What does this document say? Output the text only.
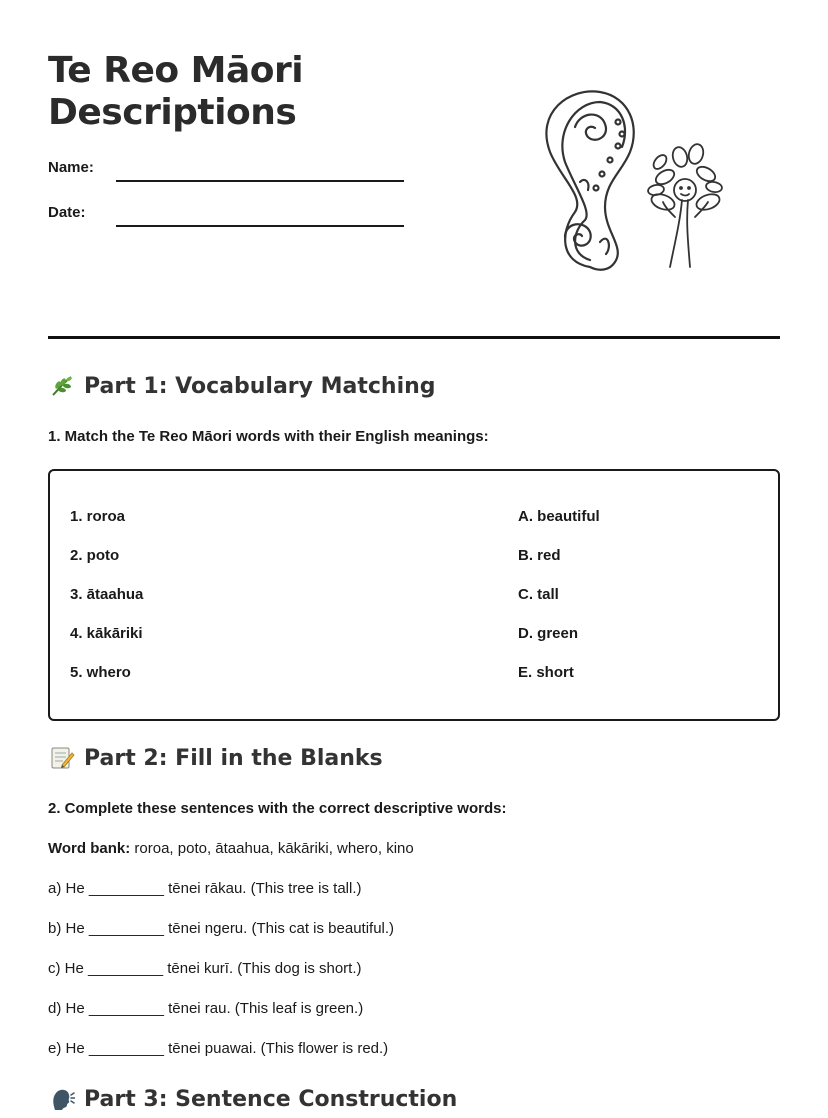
Te Reo Māori
Descriptions
Name:
Date:
Part 1: Vocabulary Matching
1. Match the Te Reo Māori words with their English meanings:
1. roroa
2. poto
3. ātaahua
4. kākāriki
5. whero
A. beautiful
B. red
C. tall
D. green
E. short
Part 2: Fill in the Blanks
2. Complete these sentences with the correct descriptive words:
Word bank: roroa, poto, ātaahua, kākāriki, whero, kino
a) He _________ tēnei rākau. (This tree is tall.)
b) He _________ tēnei ngeru. (This cat is beautiful.)
c) He _________ tēnei kurī. (This dog is short.)
d) He _________ tēnei rau. (This leaf is green.)
e) He _________ tēnei puawai. (This flower is red.)
Part 3: Sentence Construction
